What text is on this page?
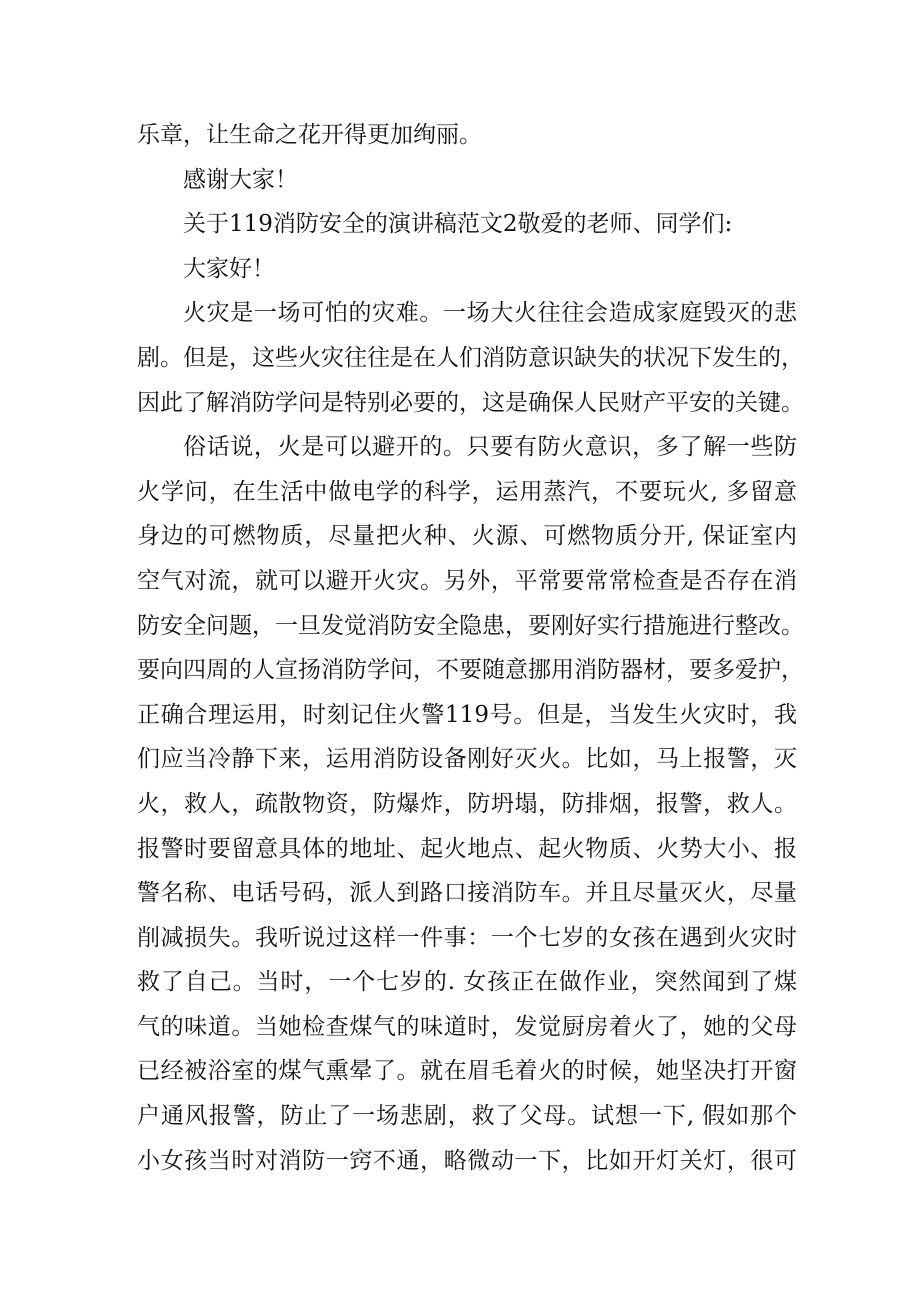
乐章，让生命之花开得更加绚丽。
感谢大家！
关于119消防安全的演讲稿范文2敬爱的老师、同学们:
大家好！
火灾是一场可怕的灾难。一场大火往往会造成家庭毁灭的悲
剧。但是，这些火灾往往是在人们消防意识缺失的状况下发生的，
因此了解消防学问是特别必要的，这是确保人民财产平安的关键。
俗话说，火是可以避开的。只要有防火意识，多了解一些防
火学问，在生活中做电学的科学，运用蒸汽，不要玩火, 多留意
身边的可燃物质，尽量把火种、火源、可燃物质分开, 保证室内
空气对流，就可以避开火灾。另外，平常要常常检查是否存在消
防安全问题，一旦发觉消防安全隐患，要刚好实行措施进行整改。
要向四周的人宣扬消防学问，不要随意挪用消防器材，要多爱护，
正确合理运用，时刻记住火警119号。但是，当发生火灾时，我
们应当冷静下来，运用消防设备刚好灭火。比如，马上报警，灭
火，救人，疏散物资，防爆炸，防坍塌，防排烟，报警，救人。
报警时要留意具体的地址、起火地点、起火物质、火势大小、报
警名称、电话号码，派人到路口接消防车。并且尽量灭火，尽量
削减损失。我听说过这样一件事：一个七岁的女孩在遇到火灾时
救了自己。当时，一个七岁的. 女孩正在做作业，突然闻到了煤
气的味道。当她检查煤气的味道时，发觉厨房着火了，她的父母
已经被浴室的煤气熏晕了。就在眉毛着火的时候，她坚决打开窗
户通风报警，防止了一场悲剧，救了父母。试想一下, 假如那个
小女孩当时对消防一窍不通，略微动一下，比如开灯关灯，很可
